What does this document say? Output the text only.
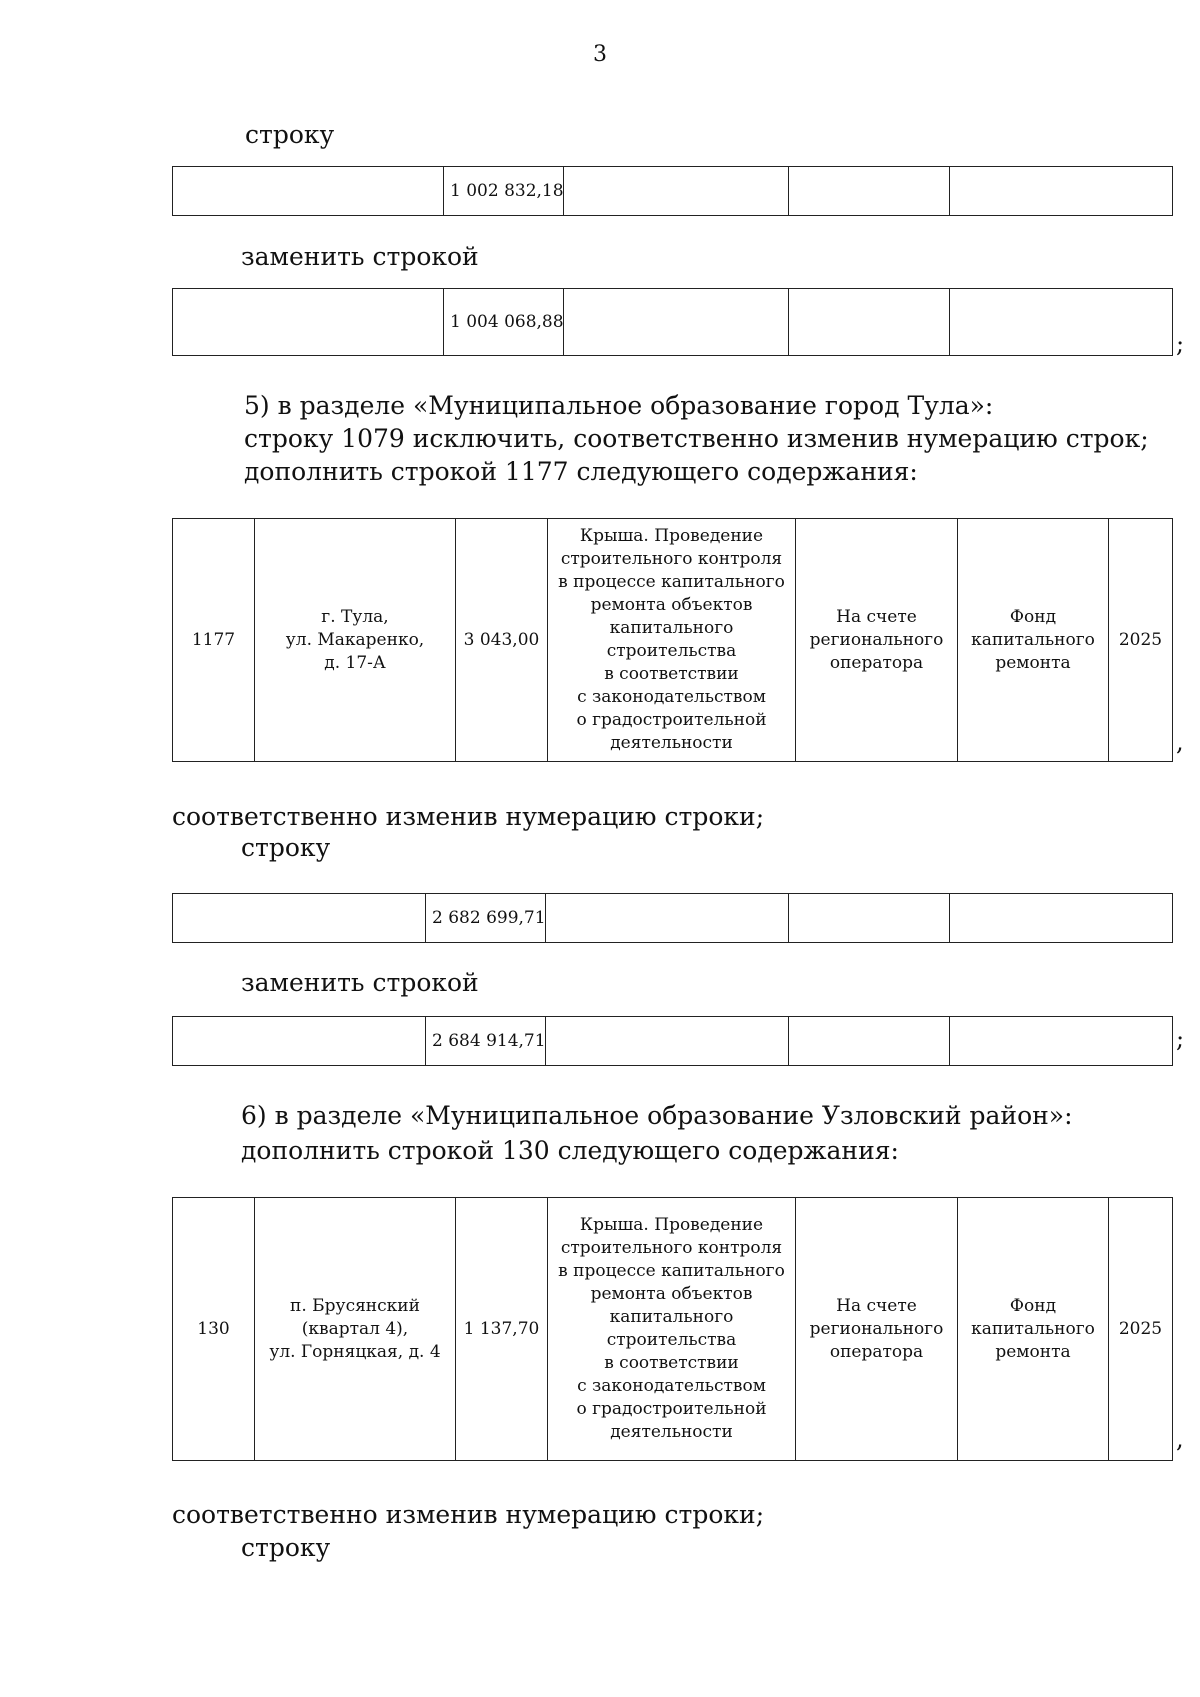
3
строку
	1 002 832,18			
заменить строкой
	1 004 068,88			
;
5) в разделе «Муниципальное образование город Тула»:
строку 1079 исключить, соответственно изменив нумерацию строк;
дополнить строкой 1177 следующего содержания:
1177	г. Тула,
ул. Макаренко,
д. 17-А	3 043,00	Крыша. Проведение
строительного контроля
в процессе капитального
ремонта объектов
капитального
строительства
в соответствии
с законодательством
о градостроительной
деятельности	На счете
регионального
оператора	Фонд
капитального
ремонта	2025
,
соответственно изменив нумерацию строки;
строку
	2 682 699,71			
заменить строкой
	2 684 914,71				;
6) в разделе «Муниципальное образование Узловский район»:
дополнить строкой 130 следующего содержания:
130	п. Брусянский
(квартал 4),
ул. Горняцкая, д. 4	1 137,70	Крыша. Проведение
строительного контроля
в процессе капитального
ремонта объектов
капитального
строительства
в соответствии
с законодательством
о градостроительной
деятельности	На счете
регионального
оператора	Фонд
капитального
ремонта	2025
,
соответственно изменив нумерацию строки;
строку
